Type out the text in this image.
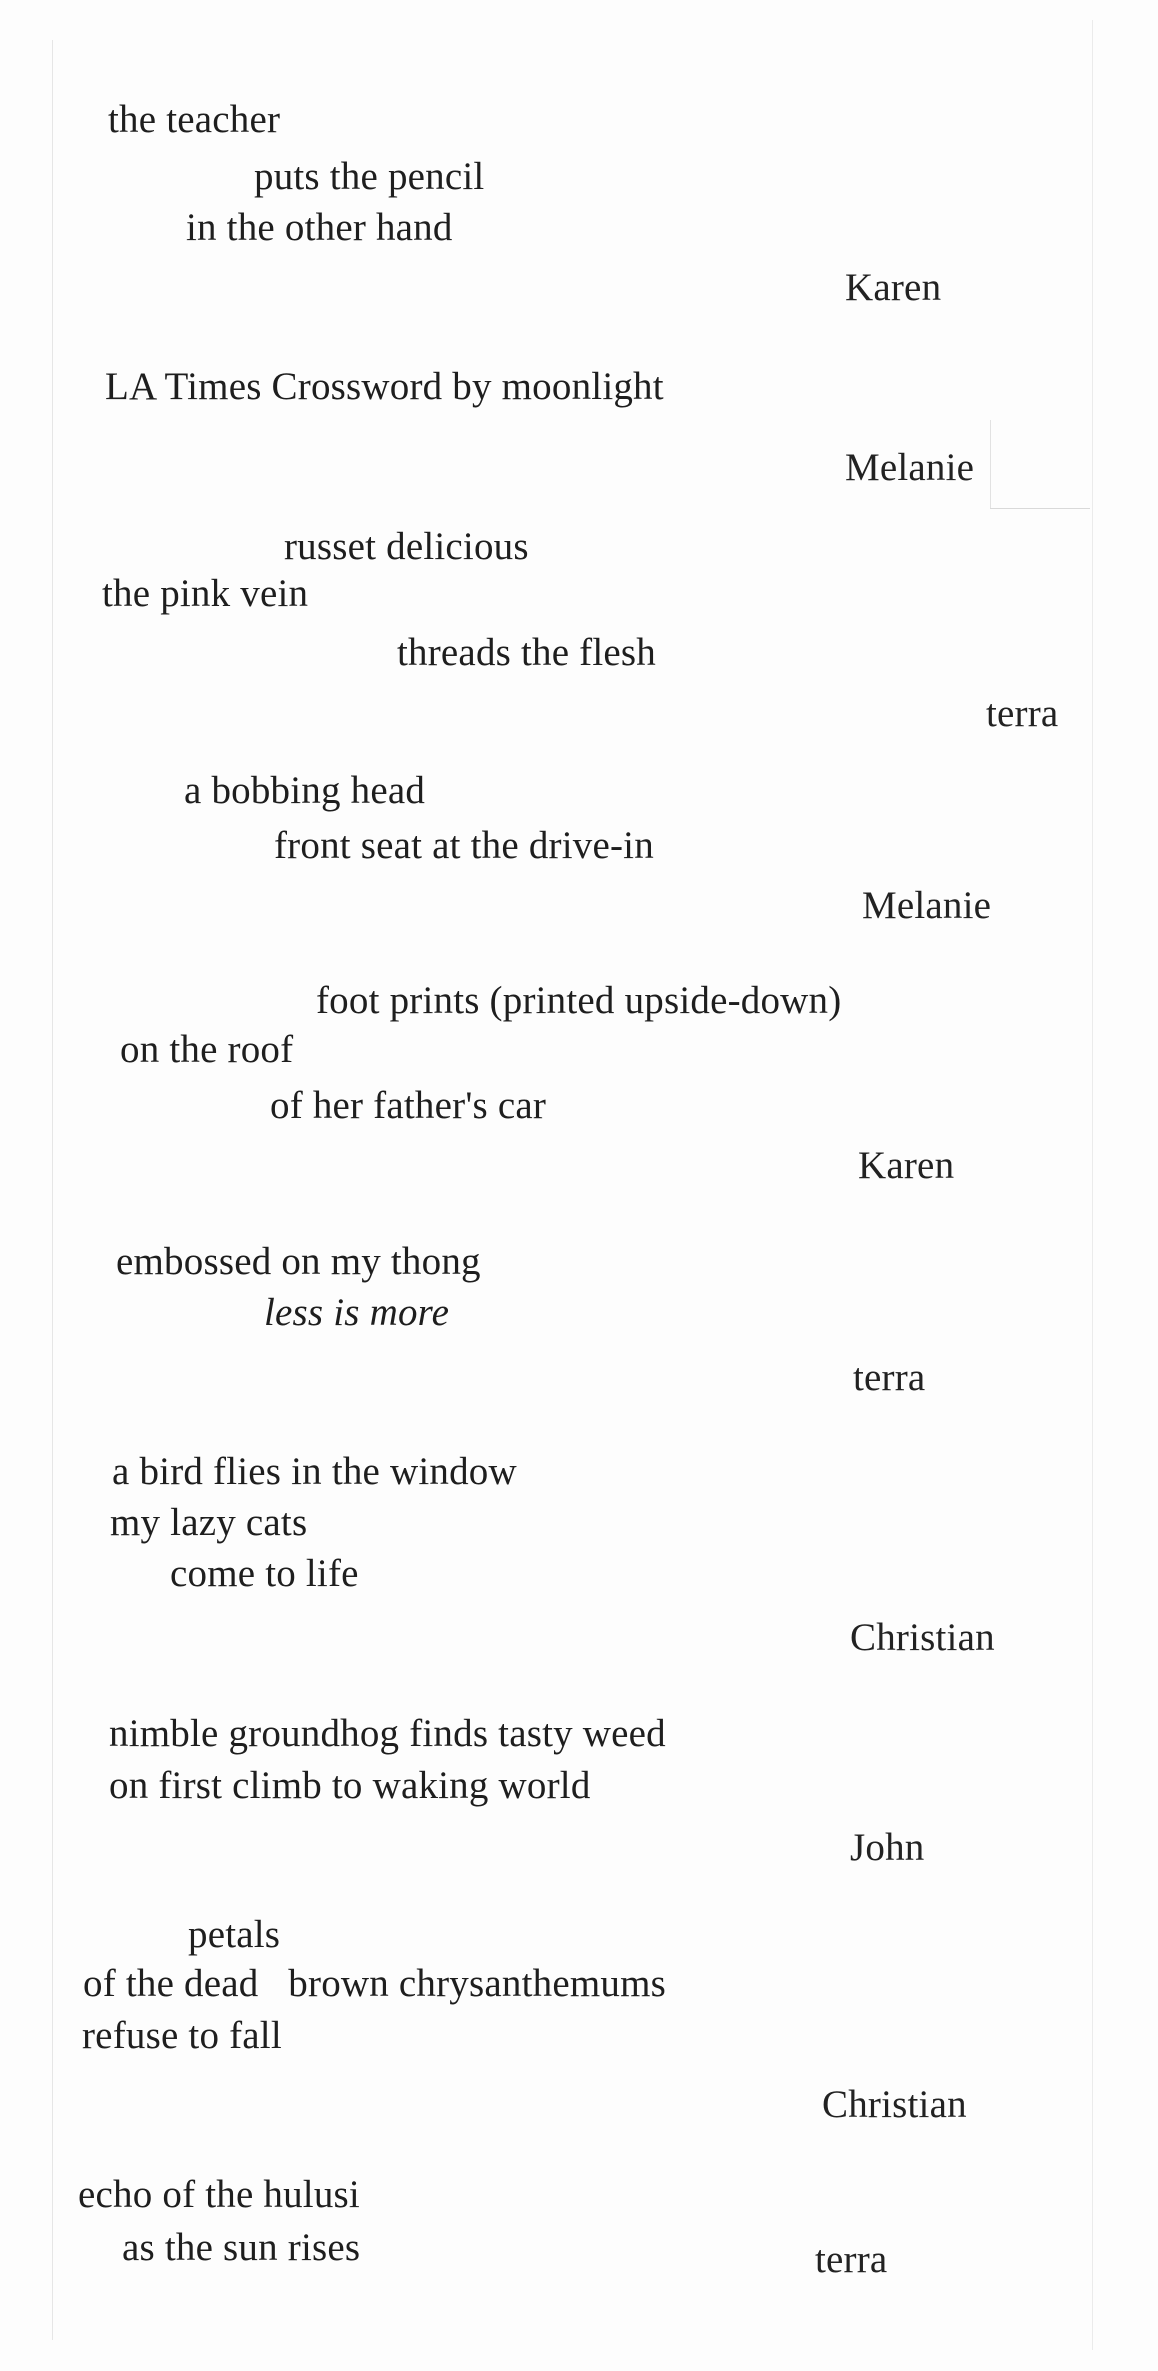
the teacher
puts the pencil
in the other hand
Karen
LA Times Crossword by moonlight
Melanie
russet delicious
the pink vein
threads the flesh
terra
a bobbing head
front seat at the drive-in
Melanie
foot prints (printed upside-down)
on the roof
of her father's car
Karen
embossed on my thong
less is more
terra
a bird flies in the window
my lazy cats
come to life
Christian
nimble groundhog finds tasty weed
on first climb to waking world
John
petals
of the dead   brown chrysanthemums
refuse to fall
Christian
echo of the hulusi
as the sun rises	terra
